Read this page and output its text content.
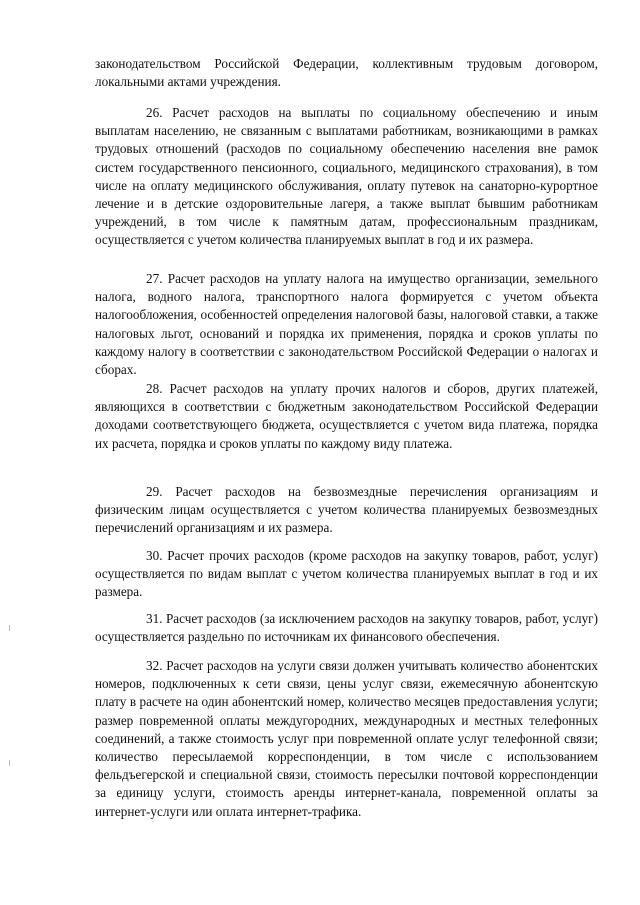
законодательством Российской Федерации, коллективным трудовым договором, локальными актами учреждения.

26. Расчет расходов на выплаты по социальному обеспечению и иным выплатам населению, не связанным с выплатами работникам, возникающими в рамках трудовых отношений (расходов по социальному обеспечению населения вне рамок систем государственного пенсионного, социального, медицинского страхования), в том числе на оплату медицинского обслуживания, оплату путевок на санаторно-курортное лечение и в детские оздоровительные лагеря, а также выплат бывшим работникам учреждений, в том числе к памятным датам, профессиональным праздникам, осуществляется с учетом количества планируемых выплат в год и их размера.

27. Расчет расходов на уплату налога на имущество организации, земельного налога, водного налога, транспортного налога формируется с учетом объекта налогообложения, особенностей определения налоговой базы, налоговой ставки, а также налоговых льгот, оснований и порядка их применения, порядка и сроков уплаты по каждому налогу в соответствии с законодательством Российской Федерации о налогах и сборах.

28. Расчет расходов на уплату прочих налогов и сборов, других платежей, являющихся в соответствии с бюджетным законодательством Российской Федерации доходами соответствующего бюджета, осуществляется с учетом вида платежа, порядка их расчета, порядка и сроков уплаты по каждому виду платежа.

29. Расчет расходов на безвозмездные перечисления организациям и физическим лицам осуществляется с учетом количества планируемых безвозмездных перечислений организациям и их размера.

30. Расчет прочих расходов (кроме расходов на закупку товаров, работ, услуг) осуществляется по видам выплат с учетом количества планируемых выплат в год и их размера.

31. Расчет расходов (за исключением расходов на закупку товаров, работ, услуг) осуществляется раздельно по источникам их финансового обеспечения.

32. Расчет расходов на услуги связи должен учитывать количество абонентских номеров, подключенных к сети связи, цены услуг связи, ежемесячную абонентскую плату в расчете на один абонентский номер, количество месяцев предоставления услуги; размер повременной оплаты междугородних, международных и местных телефонных соединений, а также стоимость услуг при повременной оплате услуг телефонной связи; количество пересылаемой корреспонденции, в том числе с использованием фельдъегерской и специальной связи, стоимость пересылки почтовой корреспонденции за единицу услуги, стоимость аренды интернет-канала, повременной оплаты за интернет-услуги или оплата интернет-трафика.
